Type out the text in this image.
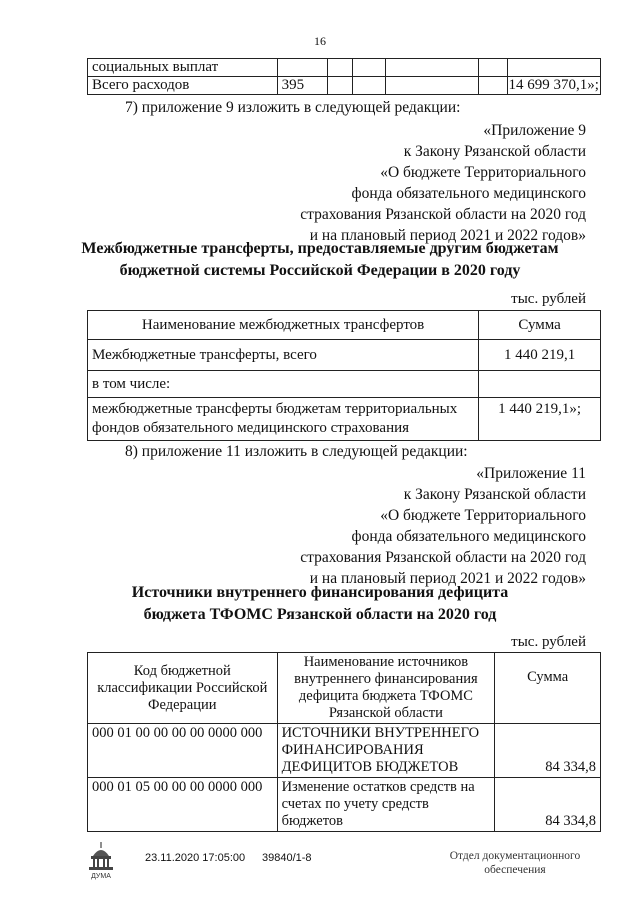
16
социальных выплат						
Всего расходов	395					14 699 370,1»;
7) приложение 9 изложить в следующей редакции:
«Приложение 9
к Закону Рязанской области
«О бюджете Территориального
фонда обязательного медицинского
страхования Рязанской области на 2020 год
и на плановый период 2021 и 2022 годов»
Межбюджетные трансферты, предоставляемые другим бюджетам
бюджетной системы Российской Федерации в 2020 году
тыс. рублей
Наименование межбюджетных трансфертов	Сумма
Межбюджетные трансферты, всего	1 440 219,1
в том числе:	
межбюджетные трансферты бюджетам территориальных фондов обязательного медицинского страхования	1 440 219,1»;
8) приложение 11 изложить в следующей редакции:
«Приложение 11
к Закону Рязанской области
«О бюджете Территориального
фонда обязательного медицинского
страхования Рязанской области на 2020 год
и на плановый период 2021 и 2022 годов»
Источники внутреннего финансирования дефицита
бюджета ТФОМС Рязанской области на 2020 год
тыс. рублей
Код бюджетной классификации Российской Федерации	Наименование источников внутреннего финансирования дефицита бюджета ТФОМС Рязанской области	Сумма
000 01 00 00 00 00 0000 000	ИСТОЧНИКИ ВНУТРЕННЕГО ФИНАНСИРОВАНИЯ ДЕФИЦИТОВ БЮДЖЕТОВ	84 334,8
000 01 05 00 00 00 0000 000	Изменение остатков средств на счетах по учету средств бюджетов	84 334,8
ДУМА
23.11.2020 17:05:00 39840/1-8	Отдел документационного
обеспечения
